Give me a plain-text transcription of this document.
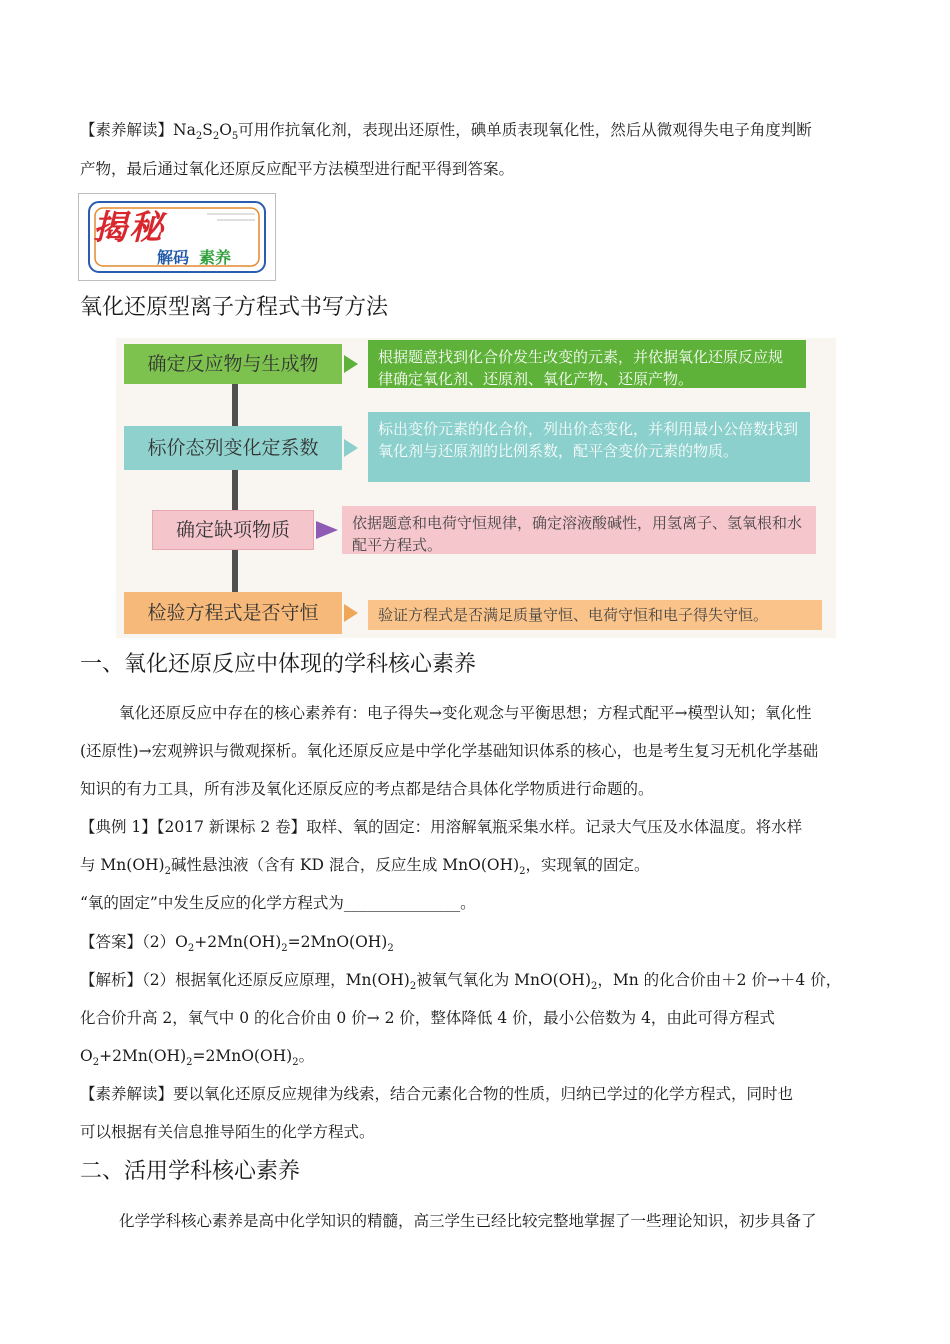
【素养解读】$Na_2S_2O_5$可用作抗氧化剂，表现出还原性，碘单质表现氧化性，然后从微观得失电子角度判断
产物，最后通过氧化还原反应配平方法模型进行配平得到答案。
揭秘
解码 素养
氧化还原型离子方程式书写方法
确定反应物与生成物	根据题意找到化合价发生改变的元素，并依据氧化还原反应规律确定氧化剂、还原剂、氧化产物、还原产物。
标价态列变化定系数
标出变价元素的化合价，列出价态变化，并利用最小公倍数找到氧化剂与还原剂的比例系数，配平含变价元素的物质。
确定缺项物质	依据题意和电荷守恒规律，确定溶液酸碱性，用氢离子、氢氧根和水配平方程式。
检验方程式是否守恒	验证方程式是否满足质量守恒、电荷守恒和电子得失守恒。
一、氧化还原反应中体现的学科核心素养
氧化还原反应中存在的核心素养有：电子得失→变化观念与平衡思想；方程式配平→模型认知；氧化性
(还原性)→宏观辨识与微观探析。氧化还原反应是中学化学基础知识体系的核心，也是考生复习无机化学基础
知识的有力工具，所有涉及氧化还原反应的考点都是结合具体化学物质进行命题的。
【典例 1】【2017 新课标 2 卷】取样、氧的固定：用溶解氧瓶采集水样。记录大气压及水体温度。将水样
与 $Mn(OH)_2$碱性悬浊液（含有 KD 混合，反应生成 $MnO(OH)_2$，实现氧的固定。
“氧的固定”中发生反应的化学方程式为_______________。
【答案】$(2)O_2+2Mn(OH)_2=2MnO(OH)_2$
【解析】（2）根据氧化还原反应原理，$Mn(OH)_2$被氧气氧化为 $MnO(OH)_2$，Mn 的化合价由＋2 价→＋4 价，
化合价升高 2，氧气中 0 的化合价由 0 价→ 2 价，整体降低 4 价，最小公倍数为 4，由此可得方程式
$O_2+2Mn(OH)_2=2MnO(OH)_2$。
【素养解读】要以氧化还原反应规律为线索，结合元素化合物的性质，归纳已学过的化学方程式，同时也
可以根据有关信息推导陌生的化学方程式。
二、活用学科核心素养
化学学科核心素养是高中化学知识的精髓，高三学生已经比较完整地掌握了一些理论知识，初步具备了
